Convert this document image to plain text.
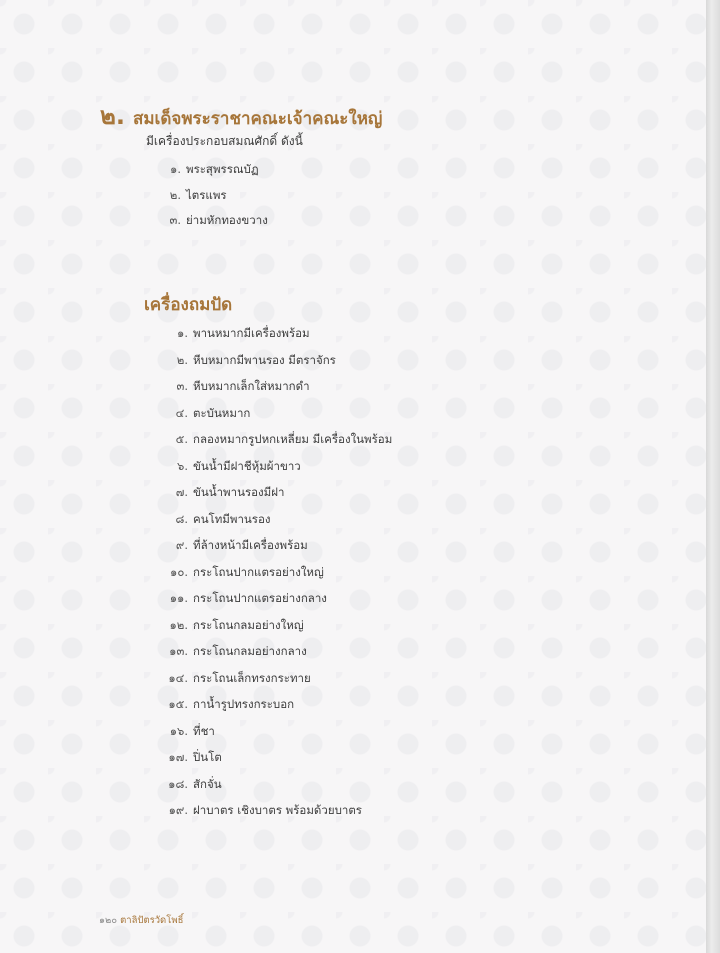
๒. สมเด็จพระราชาคณะเจ้าคณะใหญ่
มีเครื่องประกอบสมณศักดิ์ ดังนี้
๑. พระสุพรรณบัฏ
๒. ไตรแพร
๓. ย่ามหักทองขวาง
เครื่องถมปัด
๑. พานหมากมีเครื่องพร้อม
๒. หีบหมากมีพานรอง มีตราจักร
๓. หีบหมากเล็กใส่หมากดำ
๔. ตะบันหมาก
๕. กลองหมากรูปหกเหลี่ยม มีเครื่องในพร้อม
๖. ขันน้ำมีฝาชีหุ้มผ้าขาว
๗. ขันน้ำพานรองมีฝา
๘. คนโทมีพานรอง
๙. ที่ล้างหน้ามีเครื่องพร้อม
๑๐. กระโถนปากแตรอย่างใหญ่
๑๑. กระโถนปากแตรอย่างกลาง
๑๒. กระโถนกลมอย่างใหญ่
๑๓. กระโถนกลมอย่างกลาง
๑๔. กระโถนเล็กทรงกระทาย
๑๕. กาน้ำรูปทรงกระบอก
๑๖. ที่ชา
๑๗. ปิ่นโต
๑๘. สักจั่น
๑๙. ฝาบาตร เชิงบาตร พร้อมด้วยบาตร
๑๒๐ ตาลิปัตรวัดโพธิ์
